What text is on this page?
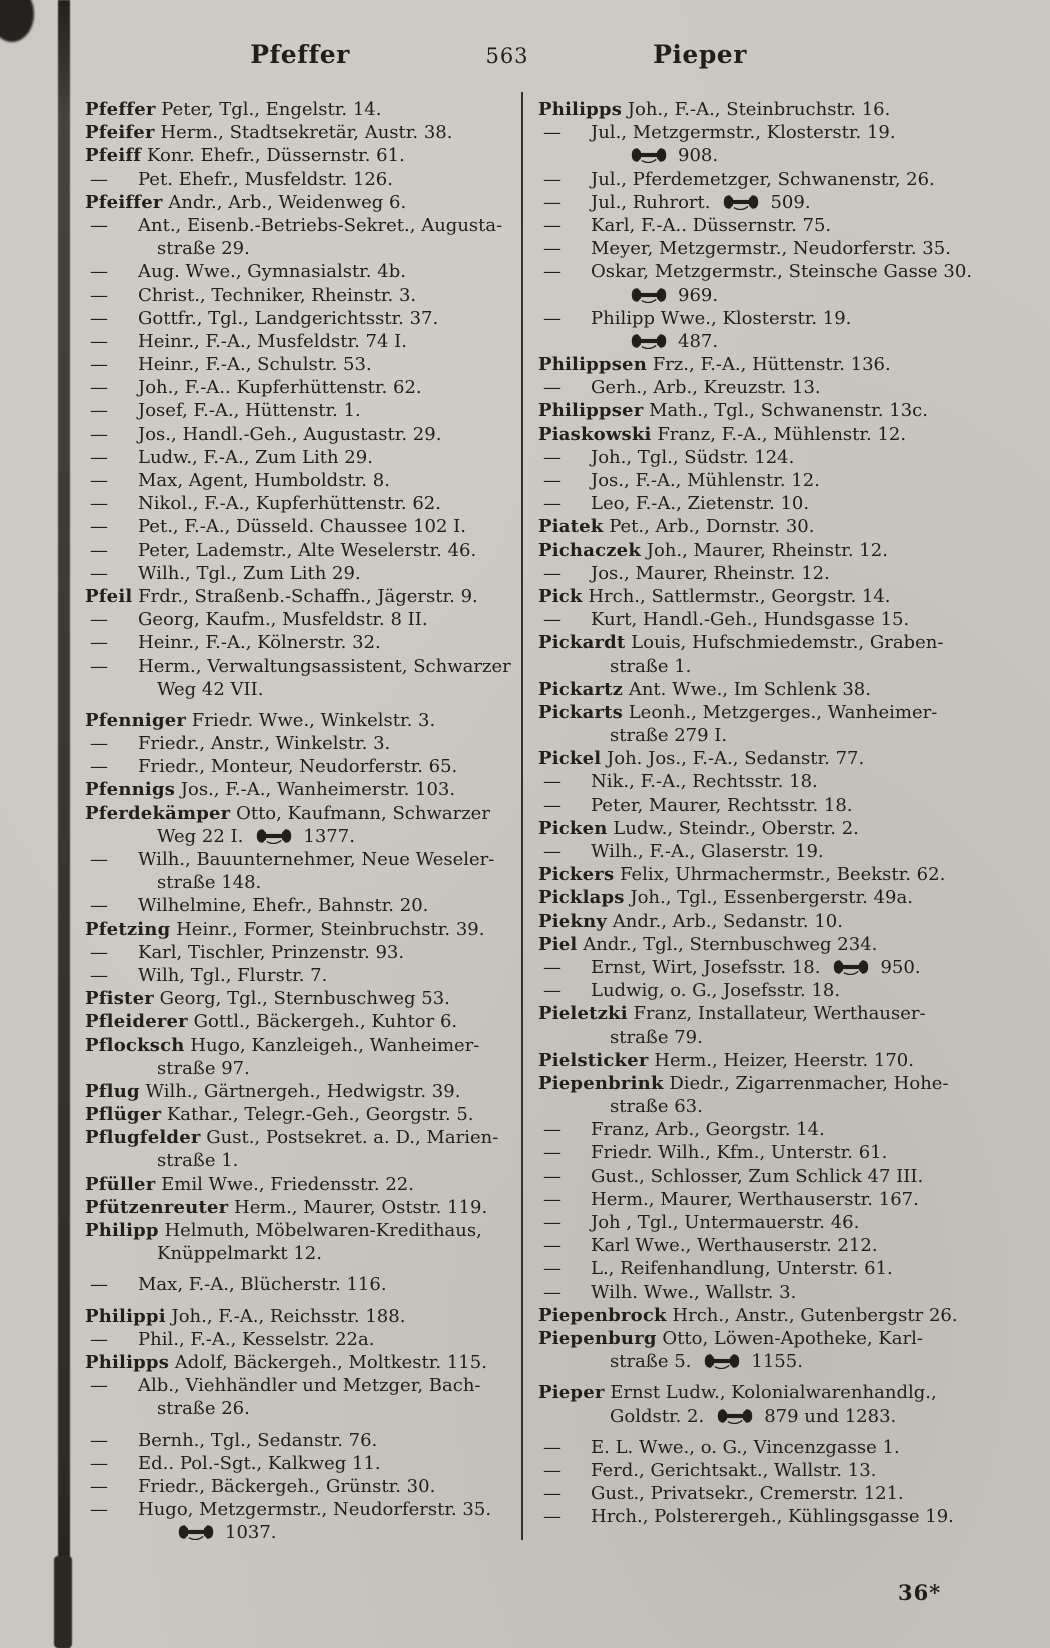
Pfeffer	563	Pieper
Pfeffer Peter, Tgl., Engelstr. 14.
Pfeifer Herm., Stadtsekretär, Austr. 38.
Pfeiff Konr. Ehefr., Düssernstr. 61.
— Pet. Ehefr., Musfeldstr. 126.
Pfeiffer Andr., Arb., Weidenweg 6.
— Ant., Eisenb.-Betriebs-Sekret., Augusta-
straße 29.
— Aug. Wwe., Gymnasialstr. 4b.
— Christ., Techniker, Rheinstr. 3.
— Gottfr., Tgl., Landgerichtsstr. 37.
— Heinr., F.-A., Musfeldstr. 74 I.
— Heinr., F.-A., Schulstr. 53.
— Joh., F.-A.. Kupferhüttenstr. 62.
— Josef, F.-A., Hüttenstr. 1.
— Jos., Handl.-Geh., Augustastr. 29.
— Ludw., F.-A., Zum Lith 29.
— Max, Agent, Humboldstr. 8.
— Nikol., F.-A., Kupferhüttenstr. 62.
— Pet., F.-A., Düsseld. Chaussee 102 I.
— Peter, Lademstr., Alte Weselerstr. 46.
— Wilh., Tgl., Zum Lith 29.
Pfeil Frdr., Straßenb.-Schaffn., Jägerstr. 9.
— Georg, Kaufm., Musfeldstr. 8 II.
— Heinr., F.-A., Kölnerstr. 32.
— Herm., Verwaltungsassistent, Schwarzer
Weg 42 VII.
Pfenniger Friedr. Wwe., Winkelstr. 3.
— Friedr., Anstr., Winkelstr. 3.
— Friedr., Monteur, Neudorferstr. 65.
Pfennigs Jos., F.-A., Wanheimerstr. 103.
Pferdekämper Otto, Kaufmann, Schwarzer
Weg 22 I.	1377.
— Wilh., Bauunternehmer, Neue Weseler-
straße 148.
— Wilhelmine, Ehefr., Bahnstr. 20.
Pfetzing Heinr., Former, Steinbruchstr. 39.
— Karl, Tischler, Prinzenstr. 93.
— Wilh, Tgl., Flurstr. 7.
Pfister Georg, Tgl., Sternbuschweg 53.
Pfleiderer Gottl., Bäckergeh., Kuhtor 6.
Pflocksch Hugo, Kanzleigeh., Wanheimer-
straße 97.
Pflug Wilh., Gärtnergeh., Hedwigstr. 39.
Pflüger Kathar., Telegr.-Geh., Georgstr. 5.
Pflugfelder Gust., Postsekret. a. D., Marien-
straße 1.
Pfüller Emil Wwe., Friedensstr. 22.
Pfützenreuter Herm., Maurer, Oststr. 119.
Philipp Helmuth, Möbelwaren-Kredithaus,
Knüppelmarkt 12.
— Max, F.-A., Blücherstr. 116.
Philippi Joh., F.-A., Reichsstr. 188.
— Phil., F.-A., Kesselstr. 22a.
Philipps Adolf, Bäckergeh., Moltkestr. 115.
— Alb., Viehhändler und Metzger, Bach-
straße 26.
— Bernh., Tgl., Sedanstr. 76.
— Ed.. Pol.-Sgt., Kalkweg 11.
— Friedr., Bäckergeh., Grünstr. 30.
— Hugo, Metzgermstr., Neudorferstr. 35.
1037.
Philipps Joh., F.-A., Steinbruchstr. 16.
— Jul., Metzgermstr., Klosterstr. 19.
908.
— Jul., Pferdemetzger, Schwanenstr, 26.
— Jul., Ruhrort.	509.
— Karl, F.-A.. Düssernstr. 75.
— Meyer, Metzgermstr., Neudorferstr. 35.
— Oskar, Metzgermstr., Steinsche Gasse 30.
969.
— Philipp Wwe., Klosterstr. 19.
487.
Philippsen Frz., F.-A., Hüttenstr. 136.
— Gerh., Arb., Kreuzstr. 13.
Philippser Math., Tgl., Schwanenstr. 13c.
Piaskowski Franz, F.-A., Mühlenstr. 12.
— Joh., Tgl., Südstr. 124.
— Jos., F.-A., Mühlenstr. 12.
— Leo, F.-A., Zietenstr. 10.
Piatek Pet., Arb., Dornstr. 30.
Pichaczek Joh., Maurer, Rheinstr. 12.
— Jos., Maurer, Rheinstr. 12.
Pick Hrch., Sattlermstr., Georgstr. 14.
— Kurt, Handl.-Geh., Hundsgasse 15.
Pickardt Louis, Hufschmiedemstr., Graben-
straße 1.
Pickartz Ant. Wwe., Im Schlenk 38.
Pickarts Leonh., Metzgerges., Wanheimer-
straße 279 I.
Pickel Joh. Jos., F.-A., Sedanstr. 77.
— Nik., F.-A., Rechtsstr. 18.
— Peter, Maurer, Rechtsstr. 18.
Picken Ludw., Steindr., Oberstr. 2.
— Wilh., F.-A., Glaserstr. 19.
Pickers Felix, Uhrmachermstr., Beekstr. 62.
Picklaps Joh., Tgl., Essenbergerstr. 49a.
Piekny Andr., Arb., Sedanstr. 10.
Piel Andr., Tgl., Sternbuschweg 234.
— Ernst, Wirt, Josefsstr. 18.	950.
— Ludwig, o. G., Josefsstr. 18.
Pieletzki Franz, Installateur, Werthauser-
straße 79.
Pielsticker Herm., Heizer, Heerstr. 170.
Piepenbrink Diedr., Zigarrenmacher, Hohe-
straße 63.
— Franz, Arb., Georgstr. 14.
— Friedr. Wilh., Kfm., Unterstr. 61.
— Gust., Schlosser, Zum Schlick 47 III.
— Herm., Maurer, Werthauserstr. 167.
— Joh , Tgl., Untermauerstr. 46.
— Karl Wwe., Werthauserstr. 212.
— L., Reifenhandlung, Unterstr. 61.
— Wilh. Wwe., Wallstr. 3.
Piepenbrock Hrch., Anstr., Gutenbergstr 26.
Piepenburg Otto, Löwen-Apotheke, Karl-
straße 5.	1155.
Pieper Ernst Ludw., Kolonialwarenhandlg.,
Goldstr. 2.	879 und 1283.
— E. L. Wwe., o. G., Vincenzgasse 1.
— Ferd., Gerichtsakt., Wallstr. 13.
— Gust., Privatsekr., Cremerstr. 121.
— Hrch., Polsterergeh., Kühlingsgasse 19.
36*
